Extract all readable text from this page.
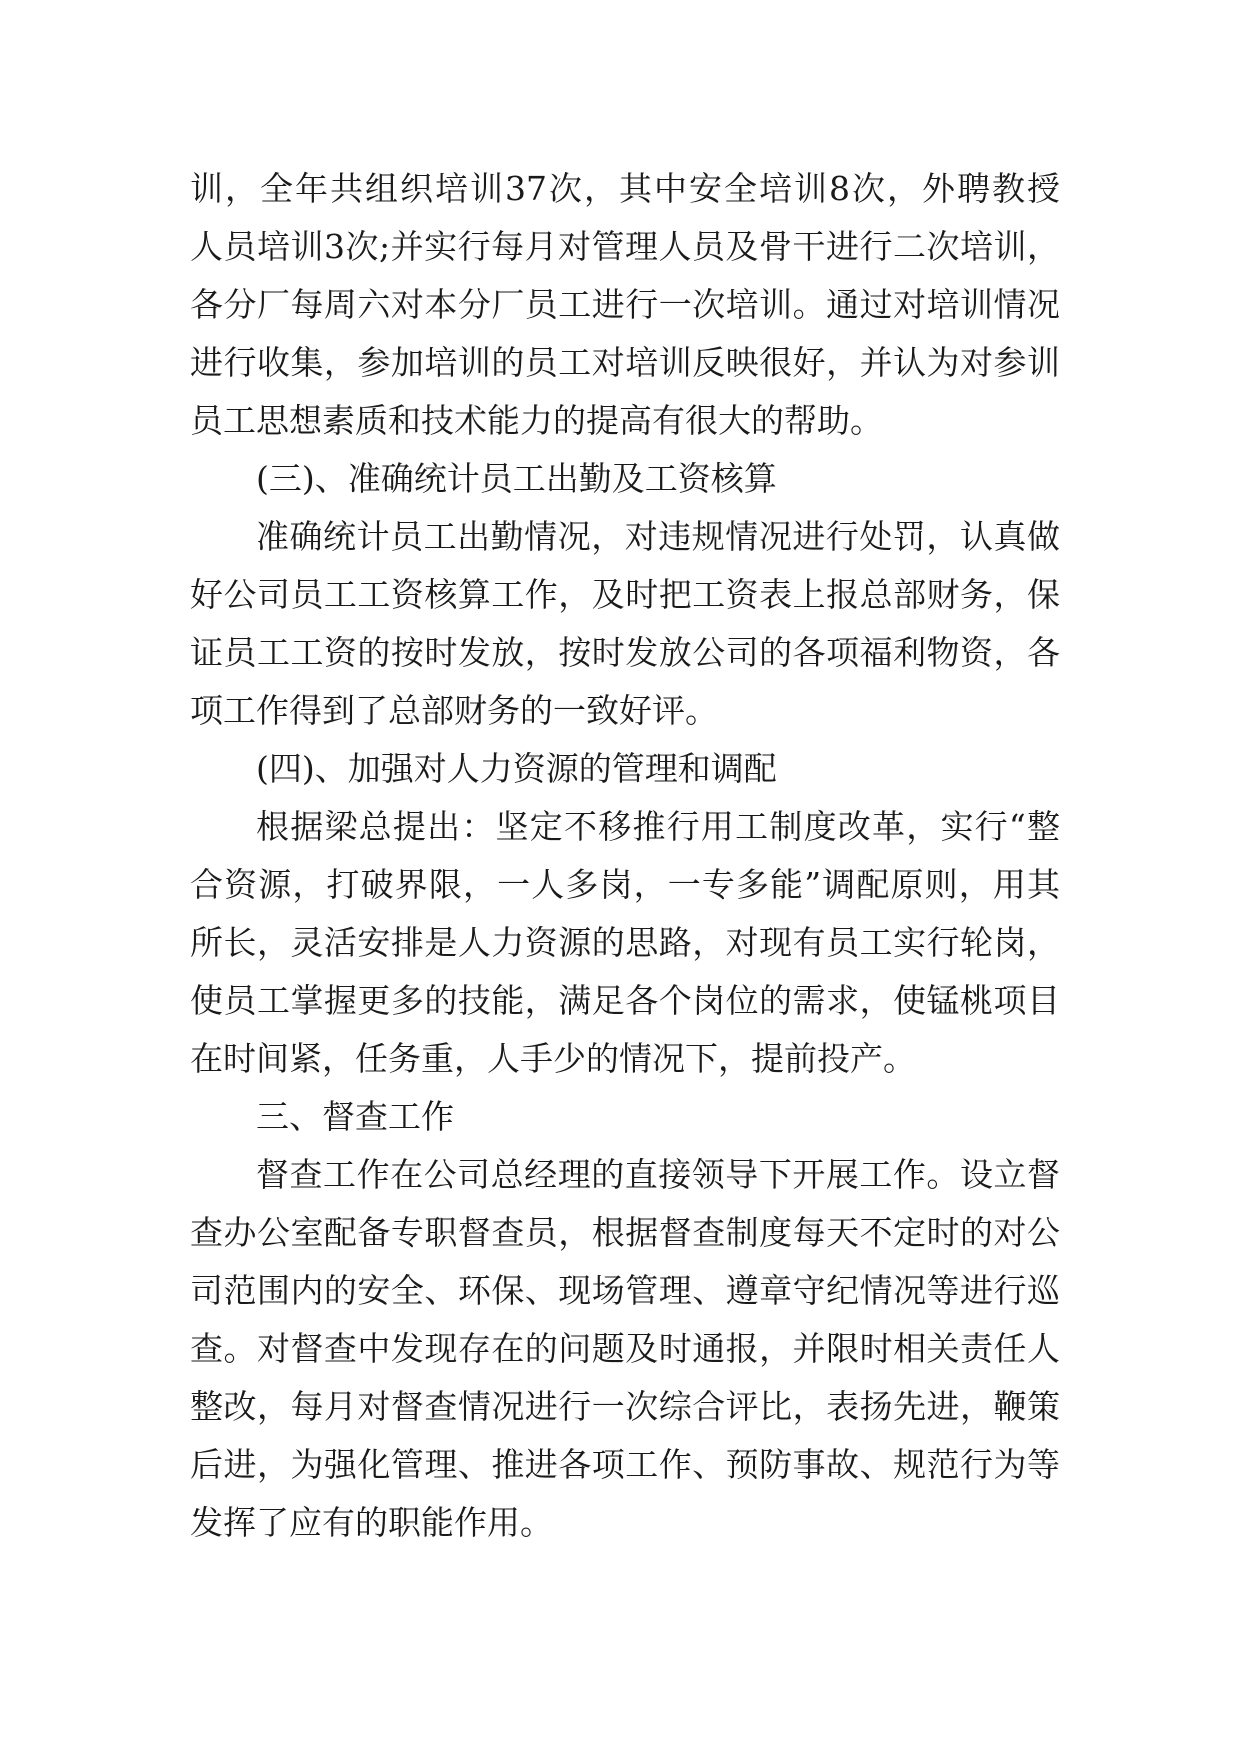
训，全年共组织培训37次，其中安全培训8次，外聘教授
人员培训3次;并实行每月对管理人员及骨干进行二次培训，
各分厂每周六对本分厂员工进行一次培训。通过对培训情况
进行收集，参加培训的员工对培训反映很好，并认为对参训
员工思想素质和技术能力的提高有很大的帮助。
(三)、准确统计员工出勤及工资核算
准确统计员工出勤情况，对违规情况进行处罚，认真做
好公司员工工资核算工作，及时把工资表上报总部财务，保
证员工工资的按时发放，按时发放公司的各项福利物资，各
项工作得到了总部财务的一致好评。
(四)、加强对人力资源的管理和调配
根据梁总提出：坚定不移推行用工制度改革，实行“整
合资源，打破界限，一人多岗，一专多能”调配原则，用其
所长，灵活安排是人力资源的思路，对现有员工实行轮岗，
使员工掌握更多的技能，满足各个岗位的需求，使锰桃项目
在时间紧，任务重，人手少的情况下，提前投产。
三、督查工作
督查工作在公司总经理的直接领导下开展工作。设立督
查办公室配备专职督查员，根据督查制度每天不定时的对公
司范围内的安全、环保、现场管理、遵章守纪情况等进行巡
查。对督查中发现存在的问题及时通报，并限时相关责任人
整改，每月对督查情况进行一次综合评比，表扬先进，鞭策
后进，为强化管理、推进各项工作、预防事故、规范行为等
发挥了应有的职能作用。
